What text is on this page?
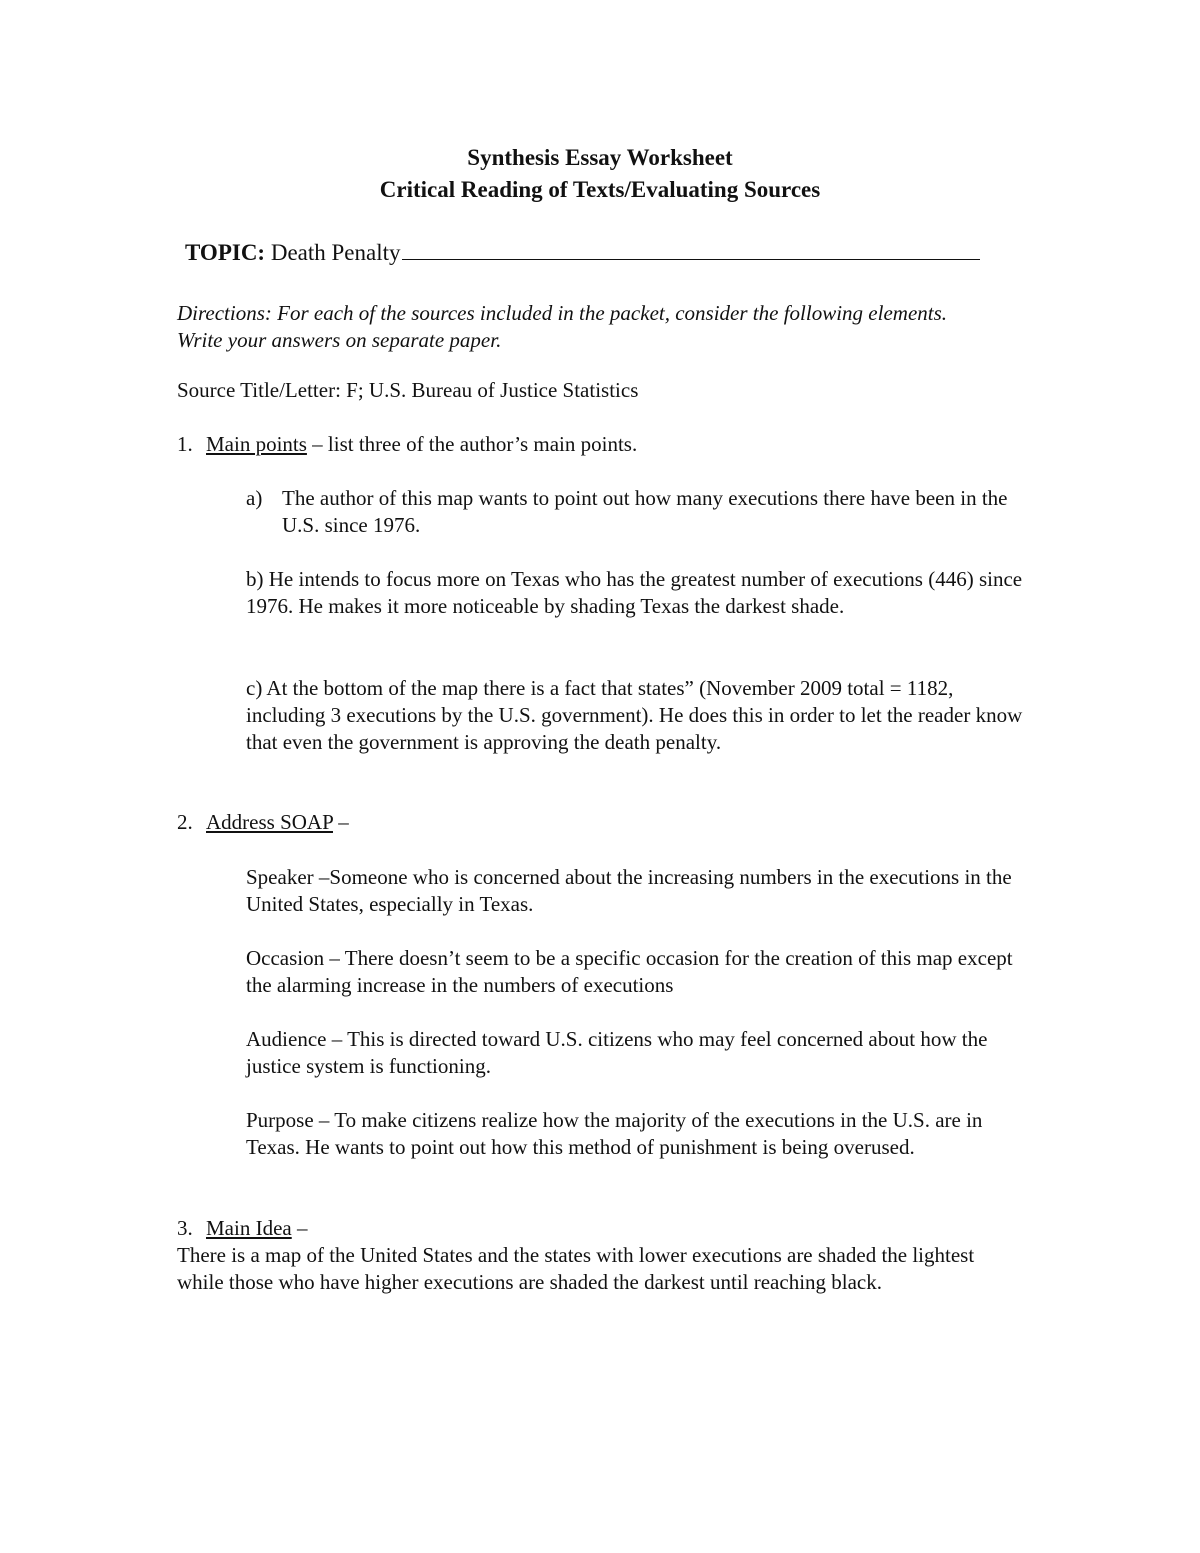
Synthesis Essay Worksheet
Critical Reading of Texts/Evaluating Sources
TOPIC: Death Penalty
Directions: For each of the sources included in the packet, consider the following elements. Write your answers on separate paper.
Source Title/Letter: F; U.S. Bureau of Justice Statistics
1. Main points – list three of the author’s main points.
a) The author of this map wants to point out how many executions there have been in the U.S. since 1976.
b) He intends to focus more on Texas who has the greatest number of executions (446) since 1976. He makes it more noticeable by shading Texas the darkest shade.
c) At the bottom of the map there is a fact that states” (November 2009 total = 1182, including 3 executions by the U.S. government). He does this in order to let the reader know that even the government is approving the death penalty.
2. Address SOAP –
Speaker –Someone who is concerned about the increasing numbers in the executions in the United States, especially in Texas.
Occasion – There doesn’t seem to be a specific occasion for the creation of this map except the alarming increase in the numbers of executions
Audience – This is directed toward U.S. citizens who may feel concerned about how the justice system is functioning.
Purpose – To make citizens realize how the majority of the executions in the U.S. are in Texas. He wants to point out how this method of punishment is being overused.
3. Main Idea –
There is a map of the United States and the states with lower executions are shaded the lightest while those who have higher executions are shaded the darkest until reaching black.
